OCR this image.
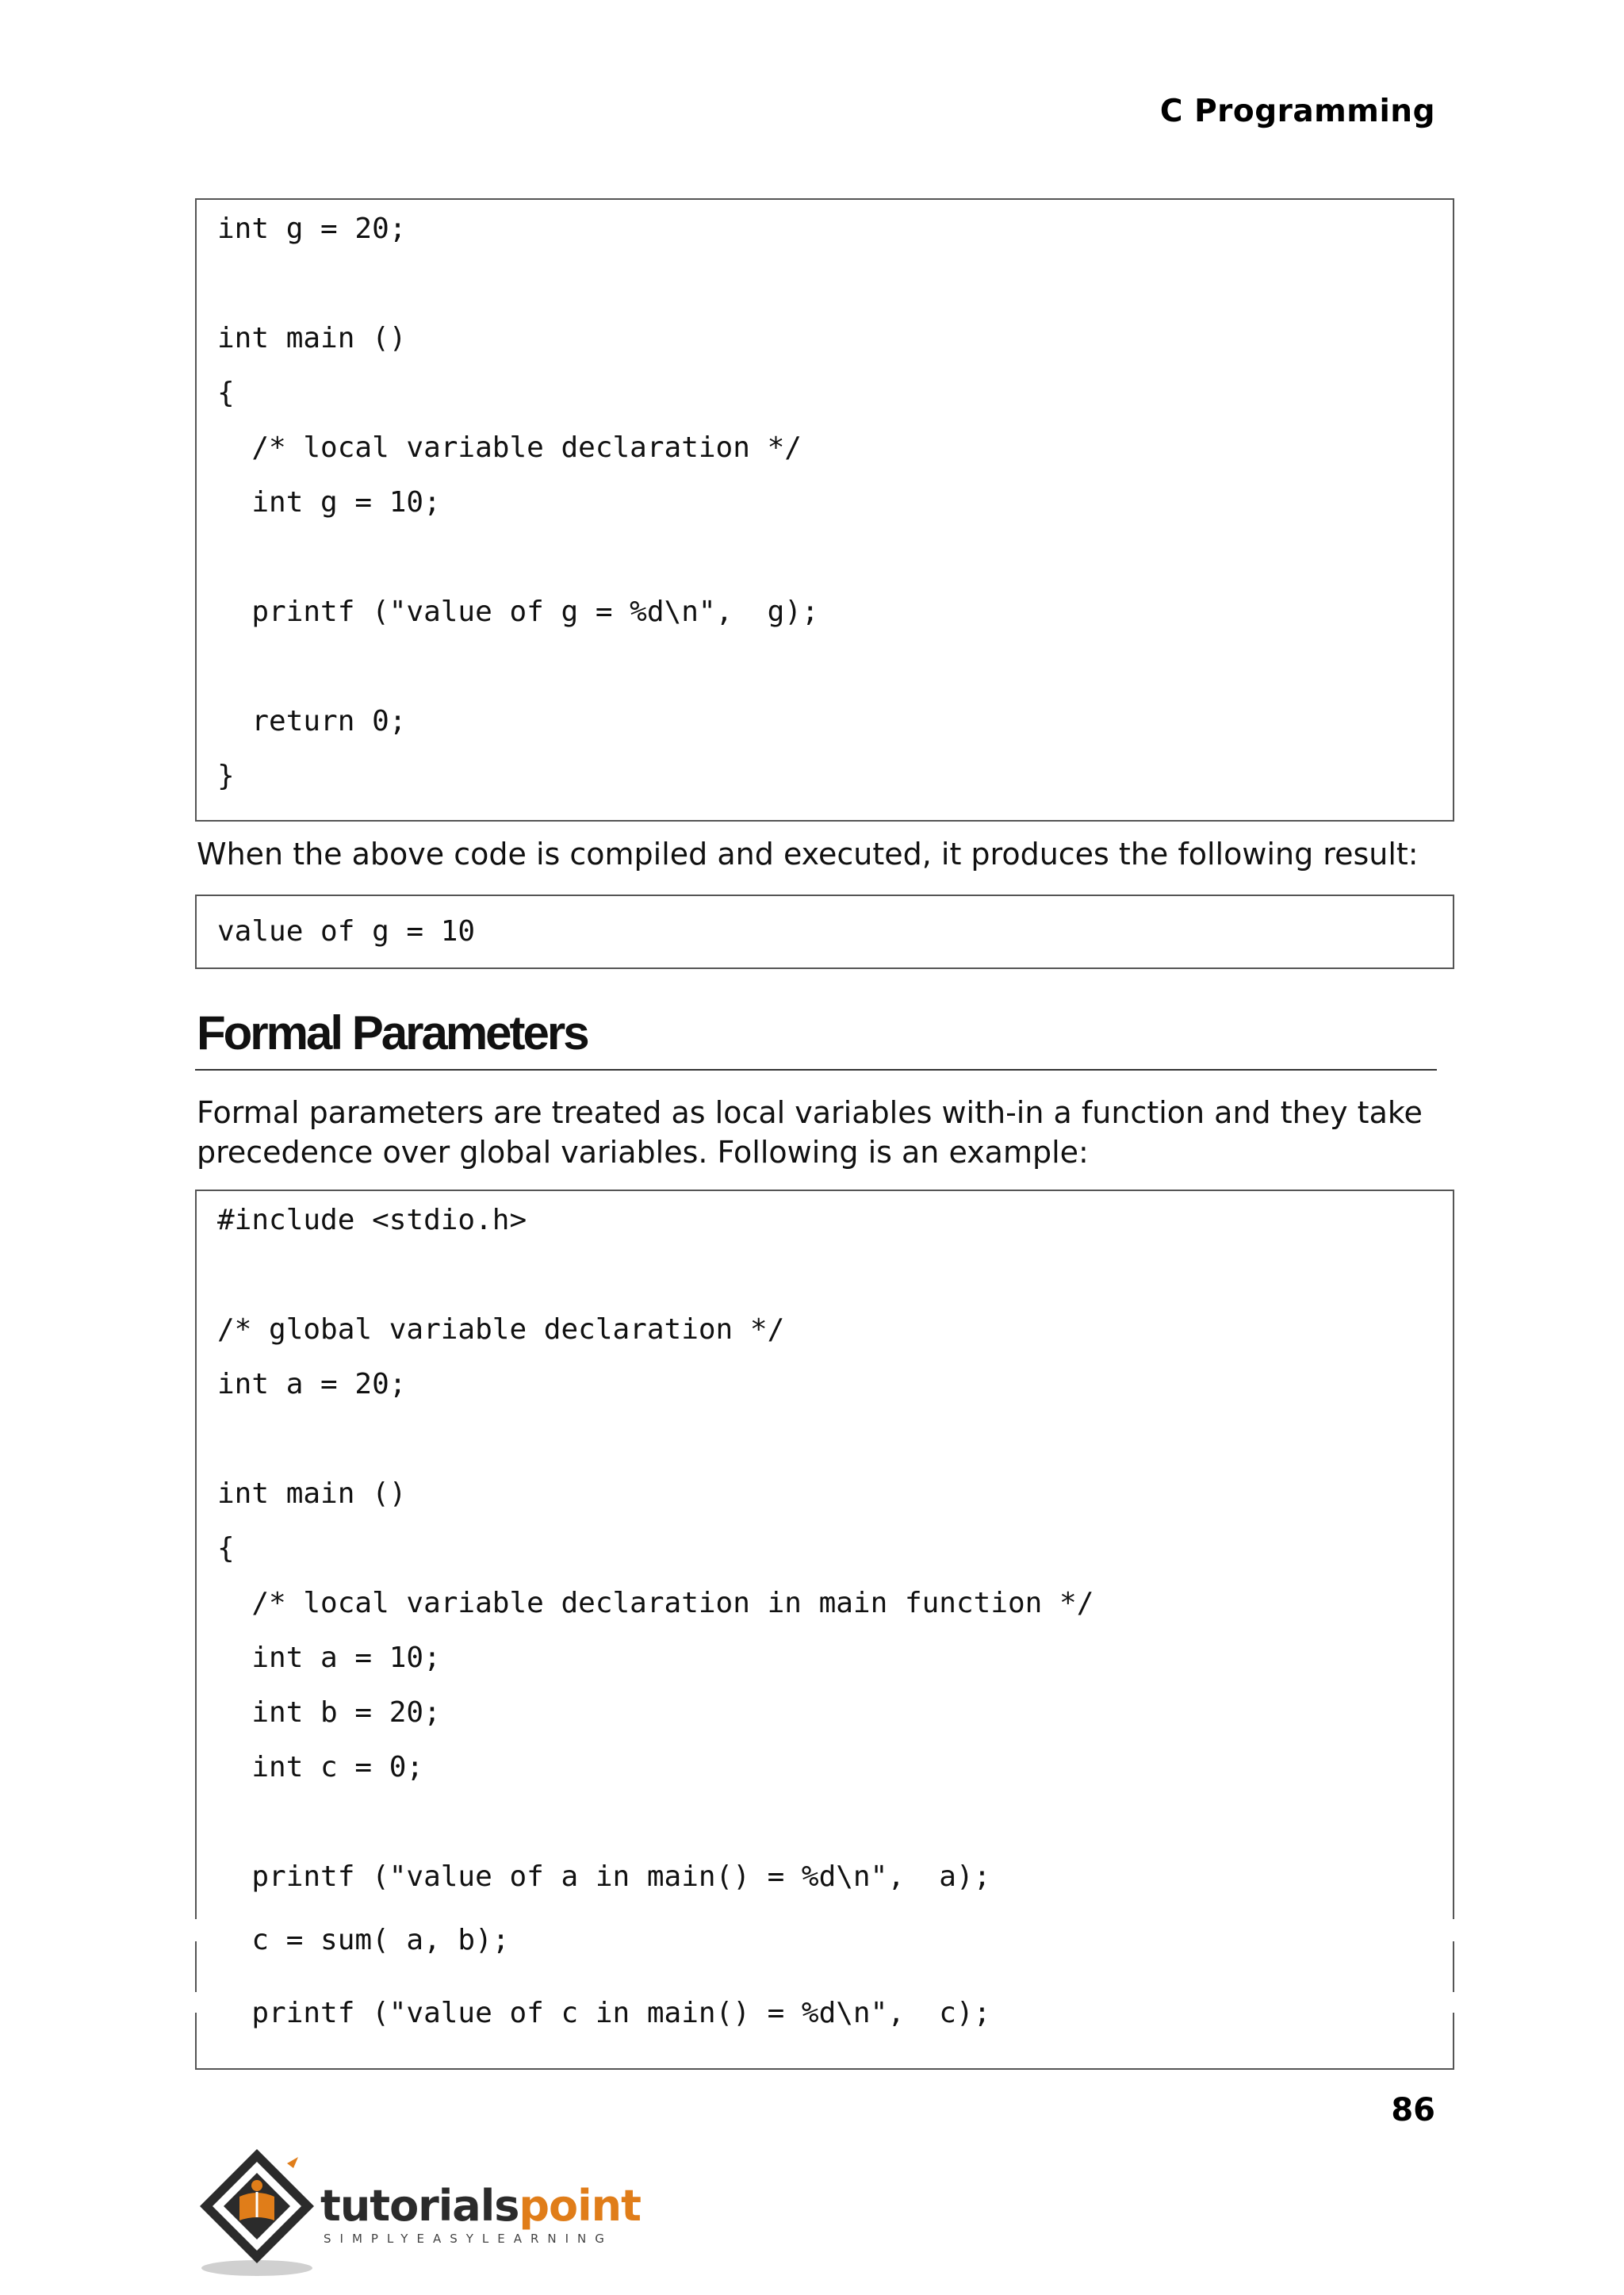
C Programming
int g = 20;
int main ()
{
/* local variable declaration */
int g = 10;
printf ("value of g = %d\n",  g);
return 0;
}
When the above code is compiled and executed, it produces the following result:
value of g = 10
Formal Parameters
Formal parameters are treated as local variables with-in a function and they take precedence over global variables. Following is an example:
#include <stdio.h>
/* global variable declaration */
int a = 20;
int main ()
{
/* local variable declaration in main function */
int a = 10;
int b = 20;
int c = 0;
printf ("value of a in main() = %d\n",  a);
c = sum( a, b);
printf ("value of c in main() = %d\n",  c);
86
tutorialspoint
SIMPLYEASYLEARNING
